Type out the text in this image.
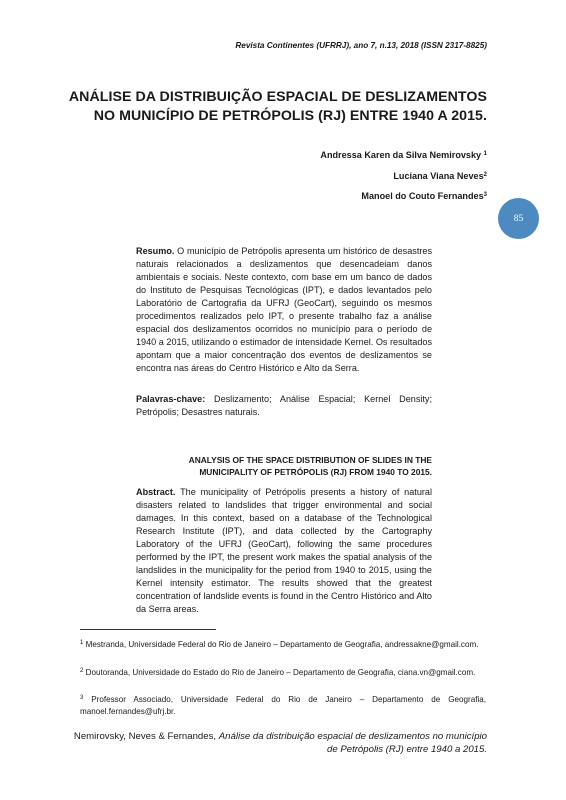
Revista Continentes (UFRRJ), ano 7, n.13, 2018 (ISSN 2317-8825)
ANÁLISE DA DISTRIBUIÇÃO ESPACIAL DE DESLIZAMENTOS
NO MUNICÍPIO DE PETRÓPOLIS (RJ) ENTRE 1940 A 2015.
Andressa Karen da Silva Nemirovsky $^1$
Luciana Viana Neves$^2$
Manoel do Couto Fernandes$^3$
85
Resumo. O município de Petrópolis apresenta um histórico de desastres naturais relacionados a deslizamentos que desencadeiam danos ambientais e sociais. Neste contexto, com base em um banco de dados do Instituto de Pesquisas Tecnológicas (IPT), e dados levantados pelo Laboratório de Cartografia da UFRJ (GeoCart), seguindo os mesmos procedimentos realizados pelo IPT, o presente trabalho faz a análise espacial dos deslizamentos ocorridos no município para o período de 1940 a 2015, utilizando o estimador de intensidade Kernel. Os resultados apontam que a maior concentração dos eventos de deslizamentos se encontra nas áreas do Centro Histórico e Alto da Serra.
Palavras-chave: Deslizamento; Análise Espacial; Kernel Density; Petrópolis; Desastres naturais.
ANALYSIS OF THE SPACE DISTRIBUTION OF SLIDES IN THE
MUNICIPALITY OF PETRÓPOLIS (RJ) FROM 1940 TO 2015.
Abstract. The municipality of Petrópolis presents a history of natural disasters related to landslides that trigger environmental and social damages. In this context, based on a database of the Technological Research Institute (IPT), and data collected by the Cartography Laboratory of the UFRJ (GeoCart), following the same procedures performed by the IPT, the present work makes the spatial analysis of the landslides in the municipality for the period from 1940 to 2015, using the Kernel intensity estimator. The results showed that the greatest concentration of landslide events is found in the Centro Histórico and Alto da Serra areas.
$^1$ Mestranda, Universidade Federal do Rio de Janeiro – Departamento de Geografia, andressakne@gmail.com.
$^2$ Doutoranda, Universidade do Estado do Rio de Janeiro – Departamento de Geografia, ciana.vn@gmail.com.
$^3$ Professor Associado, Universidade Federal do Rio de Janeiro – Departamento de Geografia, manoel.fernandes@ufrj.br.
Nemirovsky, Neves & Fernandes, Análise da distribuição espacial de deslizamentos no município de Petrópolis (RJ) entre 1940 a 2015.
